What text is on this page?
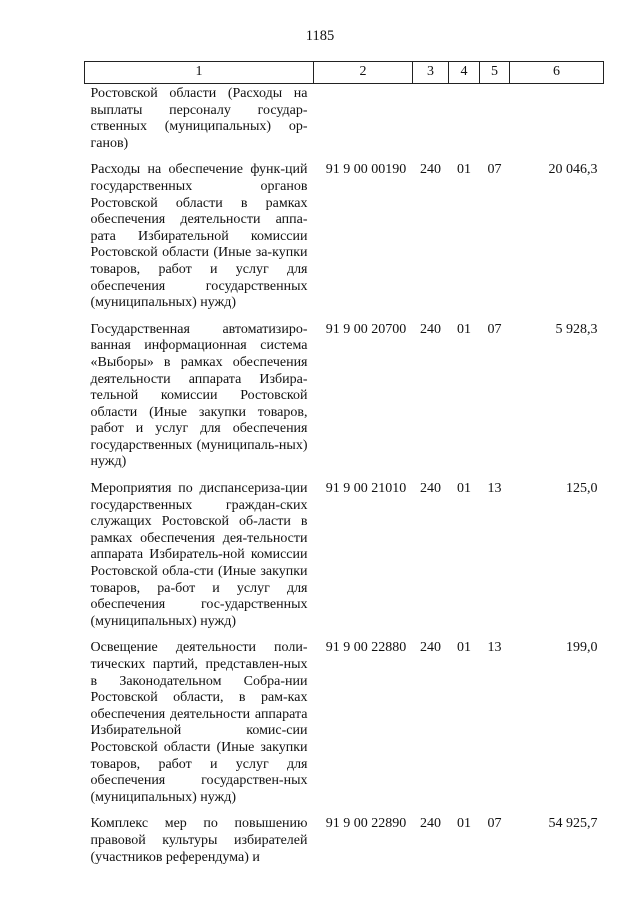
1185
1	2	3	4	5	6
Ростовской области (Расходы на выплаты персоналу государ-ственных (муниципальных) ор-ганов)					
Расходы на обеспечение функ-ций государственных органов Ростовской области в рамках обеспечения деятельности аппа-рата Избирательной комиссии Ростовской области (Иные за-купки товаров, работ и услуг для обеспечения государственных (муниципальных) нужд)	91 9 00 00190	240	01	07	20 046,3
Государственная автоматизиро-ванная информационная система «Выборы» в рамках обеспечения деятельности аппарата Избира-тельной комиссии Ростовской области (Иные закупки товаров, работ и услуг для обеспечения государственных (муниципаль-ных) нужд)	91 9 00 20700	240	01	07	5 928,3
Мероприятия по диспансеризa-ции государственных граждан-ских служащих Ростовской об-ласти в рамках обеспечения дея-тельности аппарата Избиратель-ной комиссии Ростовской обла-сти (Иные закупки товаров, ра-бот и услуг для обеспечения гос-ударственных (муниципальных) нужд)	91 9 00 21010	240	01	13	125,0
Освещение деятельности поли-тических партий, представлен-ных в Законодательном Собра-нии Ростовской области, в рам-ках обеспечения деятельности аппарата Избирательной комис-сии Ростовской области (Иные закупки товаров, работ и услуг для обеспечения государствен-ных (муниципальных) нужд)	91 9 00 22880	240	01	13	199,0
Комплекс мер по повышению правовой культуры избирателей (участников референдума) и	91 9 00 22890	240	01	07	54 925,7
